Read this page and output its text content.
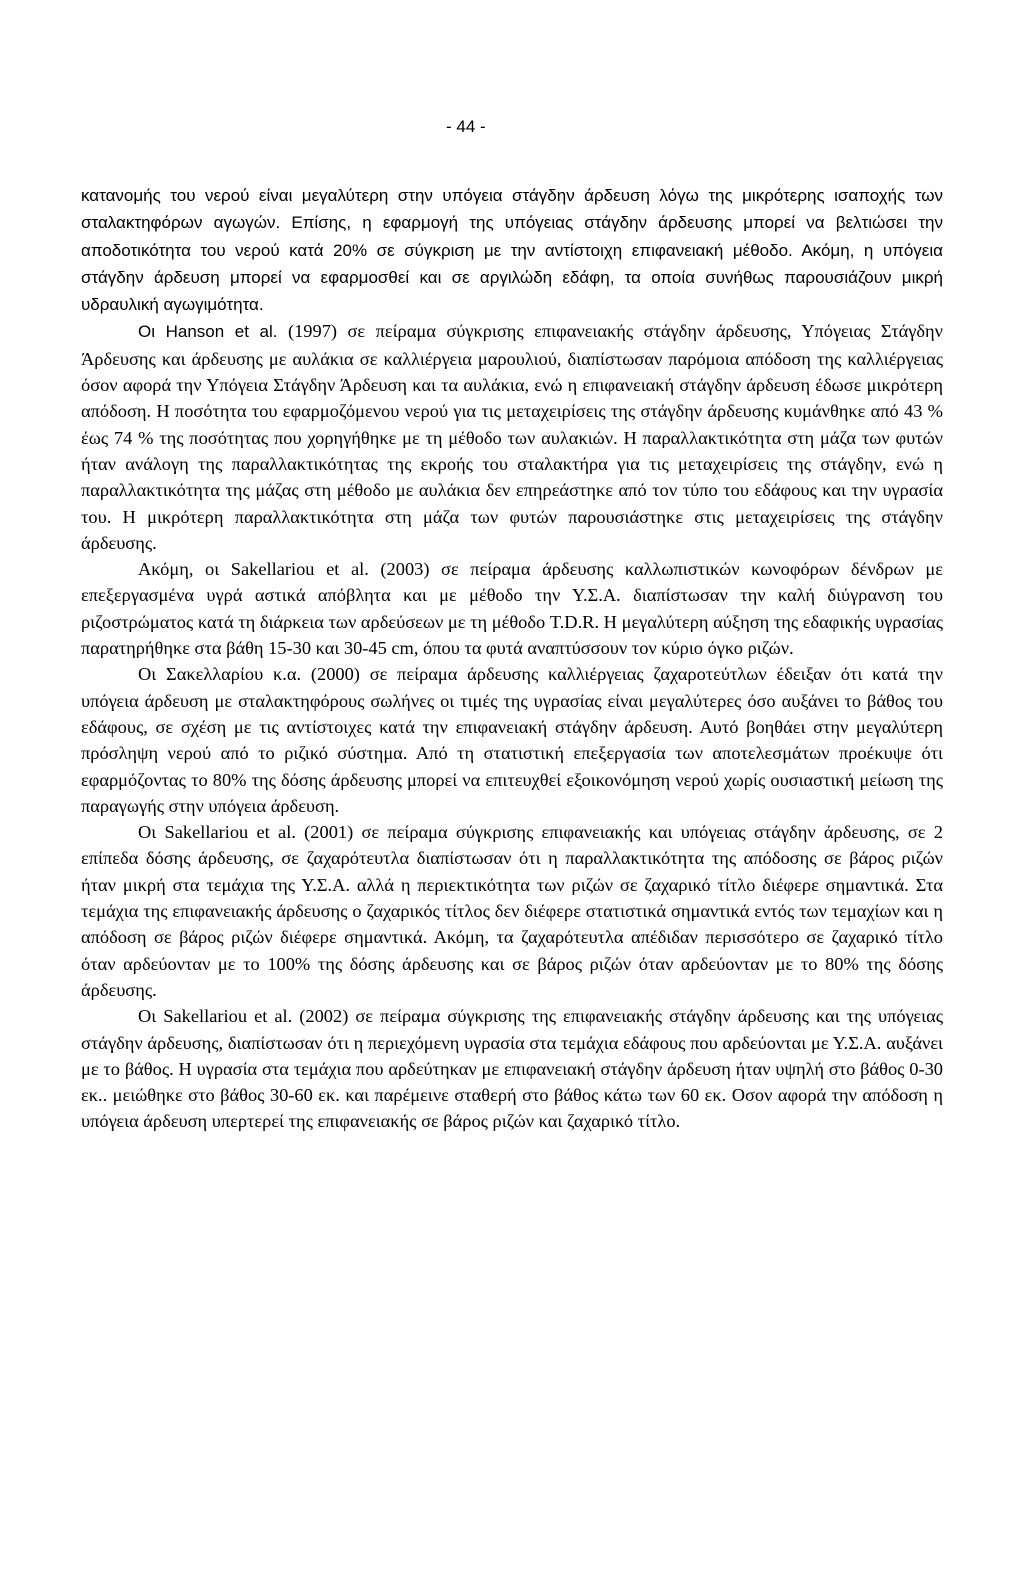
- 44 -

κατανομής του νερού είναι μεγαλύτερη στην υπόγεια στάγδην άρδευση λόγω της μικρότερης ισαποχής των σταλακτηφόρων αγωγών. Επίσης, η εφαρμογή της υπόγειας στάγδην άρδευσης μπορεί να βελτιώσει την αποδοτικότητα του νερού κατά 20% σε σύγκριση με την αντίστοιχη επιφανειακή μέθοδο. Ακόμη, η υπόγεια στάγδην άρδευση μπορεί να εφαρμοσθεί και σε αργιλώδη εδάφη, τα οποία συνήθως παρουσιάζουν μικρή υδραυλική αγωγιμότητα.

Οι Hanson et al. (1997) σε πείραμα σύγκρισης επιφανειακής στάγδην άρδευσης, Υπόγειας Στάγδην Άρδευσης και άρδευσης με αυλάκια σε καλλιέργεια μαρουλιού, διαπίστωσαν παρόμοια απόδοση της καλλιέργειας όσον αφορά την Υπόγεια Στάγδην Άρδευση και τα αυλάκια, ενώ η επιφανειακή στάγδην άρδευση έδωσε μικρότερη απόδοση. Η ποσότητα του εφαρμοζόμενου νερού για τις μεταχειρίσεις της στάγδην άρδευσης κυμάνθηκε από 43 % έως 74 % της ποσότητας που χορηγήθηκε με τη μέθοδο των αυλακιών. Η παραλλακτικότητα στη μάζα των φυτών ήταν ανάλογη της παραλλακτικότητας της εκροής του σταλακτήρα για τις μεταχειρίσεις της στάγδην, ενώ η παραλλακτικότητα της μάζας στη μέθοδο με αυλάκια δεν επηρεάστηκε από τον τύπο του εδάφους και την υγρασία του. Η μικρότερη παραλλακτικότητα στη μάζα των φυτών παρουσιάστηκε στις μεταχειρίσεις της στάγδην άρδευσης.

Ακόμη, οι Sakellariou et al. (2003) σε πείραμα άρδευσης καλλωπιστικών κωνοφόρων δένδρων με επεξεργασμένα υγρά αστικά απόβλητα και με μέθοδο την Υ.Σ.Α. διαπίστωσαν την καλή διύγρανση του ριζοστρώματος κατά τη διάρκεια των αρδεύσεων με τη μέθοδο T.D.R. Η μεγαλύτερη αύξηση της εδαφικής υγρασίας παρατηρήθηκε στα βάθη 15-30 και 30-45 cm, όπου τα φυτά αναπτύσσουν τον κύριο όγκο ριζών.

Οι Σακελλαρίου κ.α. (2000) σε πείραμα άρδευσης καλλιέργειας ζαχαροτεύτλων έδειξαν ότι κατά την υπόγεια άρδευση με σταλακτηφόρους σωλήνες οι τιμές της υγρασίας είναι μεγαλύτερες όσο αυξάνει το βάθος του εδάφους, σε σχέση με τις αντίστοιχες κατά την επιφανειακή στάγδην άρδευση. Αυτό βοηθάει στην μεγαλύτερη πρόσληψη νερού από το ριζικό σύστημα. Από τη στατιστική επεξεργασία των αποτελεσμάτων προέκυψε ότι εφαρμόζοντας το 80% της δόσης άρδευσης μπορεί να επιτευχθεί εξοικονόμηση νερού χωρίς ουσιαστική μείωση της παραγωγής στην υπόγεια άρδευση.

Οι Sakellariou et al. (2001) σε πείραμα σύγκρισης επιφανειακής και υπόγειας στάγδην άρδευσης, σε 2 επίπεδα δόσης άρδευσης, σε ζαχαρότευτλα διαπίστωσαν ότι η παραλλακτικότητα της απόδοσης σε βάρος ριζών ήταν μικρή στα τεμάχια της Υ.Σ.Α. αλλά η περιεκτικότητα των ριζών σε ζαχαρικό τίτλο διέφερε σημαντικά. Στα τεμάχια της επιφανειακής άρδευσης ο ζαχαρικός τίτλος δεν διέφερε στατιστικά σημαντικά εντός των τεμαχίων και η απόδοση σε βάρος ριζών διέφερε σημαντικά. Ακόμη, τα ζαχαρότευτλα απέδιδαν περισσότερο σε ζαχαρικό τίτλο όταν αρδεύονταν με το 100% της δόσης άρδευσης και σε βάρος ριζών όταν αρδεύονταν με το 80% της δόσης άρδευσης.

Οι Sakellariou et al. (2002) σε πείραμα σύγκρισης της επιφανειακής στάγδην άρδευσης και της υπόγειας στάγδην άρδευσης, διαπίστωσαν ότι η περιεχόμενη υγρασία στα τεμάχια εδάφους που αρδεύονται με Υ.Σ.Α. αυξάνει με το βάθος. Η υγρασία στα τεμάχια που αρδεύτηκαν με επιφανειακή στάγδην άρδευση ήταν υψηλή στο βάθος 0-30 εκ.. μειώθηκε στο βάθος 30-60 εκ. και παρέμεινε σταθερή στο βάθος κάτω των 60 εκ. Οσον αφορά την απόδοση η υπόγεια άρδευση υπερτερεί της επιφανειακής σε βάρος ριζών και ζαχαρικό τίτλο.
